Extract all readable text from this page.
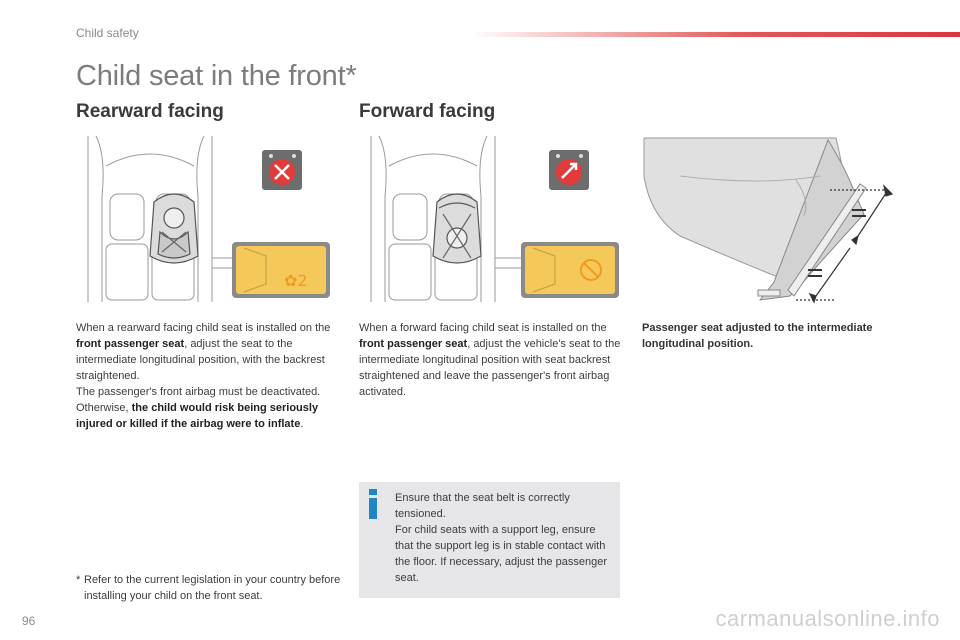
Child safety
Child seat in the front*
Rearward facing	Forward facing
✿2

When a rearward facing child seat is installed on the front passenger seat, adjust the seat to the intermediate longitudinal position, with the backrest straightened.
The passenger's front airbag must be deactivated. Otherwise, the child would risk being seriously injured or killed if the airbag were to inflate.

When a forward facing child seat is installed on the front passenger seat, adjust the vehicle's seat to the intermediate longitudinal position with seat backrest straightened and leave the passenger's front airbag activated.

Passenger seat adjusted to the intermediate longitudinal position.

Ensure that the seat belt is correctly tensioned.
For child seats with a support leg, ensure that the support leg is in stable contact with the floor. If necessary, adjust the passenger seat.
* Refer to the current legislation in your country before installing your child on the front seat.
96	carmanualsonline.info
